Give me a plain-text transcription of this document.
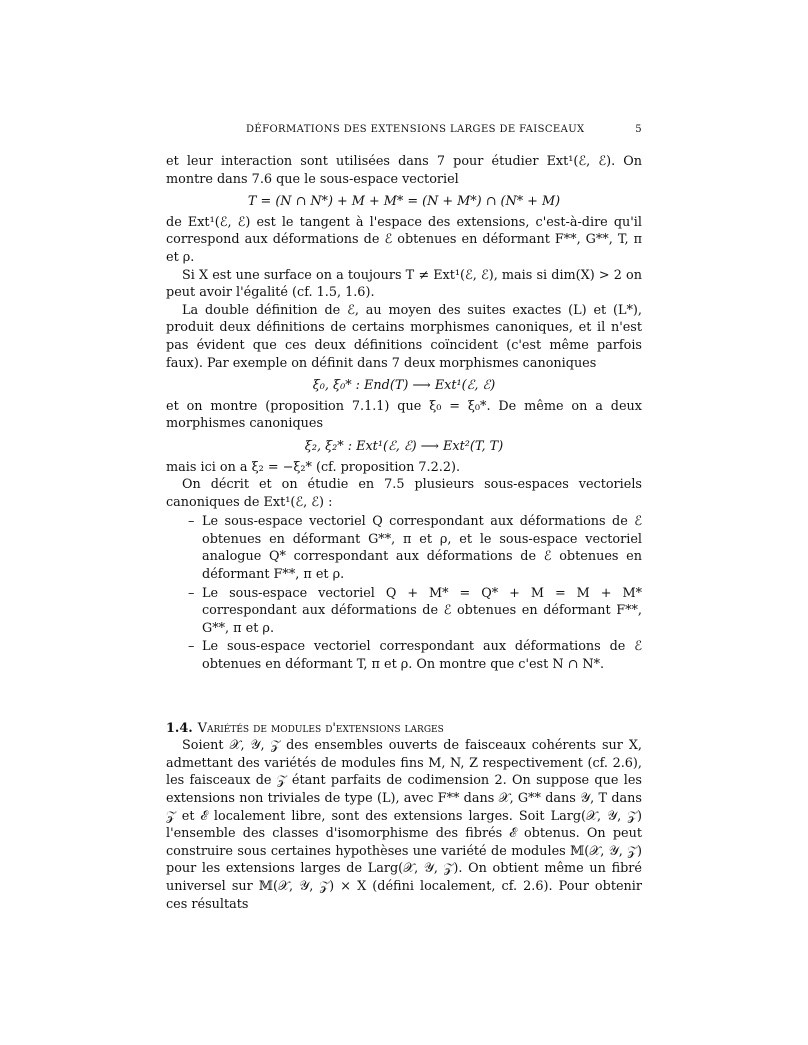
DÉFORMATIONS DES EXTENSIONS LARGES DE FAISCEAUX	5

et leur interaction sont utilisées dans 7 pour étudier Ext¹(ℰ, ℰ). On montre dans 7.6 que le sous-espace vectoriel

T = (N ∩ N*) + M + M* = (N + M*) ∩ (N* + M)

de Ext¹(ℰ, ℰ) est le tangent à l'espace des extensions, c'est-à-dire qu'il correspond aux déformations de ℰ obtenues en déformant F**, G**, T, π et ρ.

Si X est une surface on a toujours T ≠ Ext¹(ℰ, ℰ), mais si dim(X) > 2 on peut avoir l'égalité (cf. 1.5, 1.6).

La double définition de ℰ, au moyen des suites exactes (L) et (L*), produit deux définitions de certains morphismes canoniques, et il n'est pas évident que ces deux définitions coïncident (c'est même parfois faux). Par exemple on définit dans 7 deux morphismes canoniques

ξ₀, ξ₀* : End(T) ⟶ Ext¹(ℰ, ℰ)

et on montre (proposition 7.1.1) que ξ₀ = ξ₀*. De même on a deux morphismes canoniques

ξ₂, ξ₂* : Ext¹(ℰ, ℰ) ⟶ Ext²(T, T)

mais ici on a ξ₂ = −ξ₂* (cf. proposition 7.2.2).

On décrit et on étudie en 7.5 plusieurs sous-espaces vectoriels canoniques de Ext¹(ℰ, ℰ) :

– Le sous-espace vectoriel Q correspondant aux déformations de ℰ obtenues en déformant G**, π et ρ, et le sous-espace vectoriel analogue Q* correspondant aux déformations de ℰ obtenues en déformant F**, π et ρ.
– Le sous-espace vectoriel Q + M* = Q* + M = M + M* correspondant aux déformations de ℰ obtenues en déformant F**, G**, π et ρ.
– Le sous-espace vectoriel correspondant aux déformations de ℰ obtenues en déformant T, π et ρ. On montre que c'est N ∩ N*.
1.4. Variétés de modules d'extensions larges

Soient 𝒳, 𝒴, 𝒵 des ensembles ouverts de faisceaux cohérents sur X, admettant des variétés de modules fins M, N, Z respectivement (cf. 2.6), les faisceaux de 𝒵 étant parfaits de codimension 2. On suppose que les extensions non triviales de type (L), avec F** dans 𝒳, G** dans 𝒴, T dans 𝒵 et ℰ localement libre, sont des extensions larges. Soit Larg(𝒳, 𝒴, 𝒵) l'ensemble des classes d'isomorphisme des fibrés ℰ obtenus. On peut construire sous certaines hypothèses une variété de modules 𝕄(𝒳, 𝒴, 𝒵) pour les extensions larges de Larg(𝒳, 𝒴, 𝒵). On obtient même un fibré universel sur 𝕄(𝒳, 𝒴, 𝒵) × X (défini localement, cf. 2.6). Pour obtenir ces résultats
